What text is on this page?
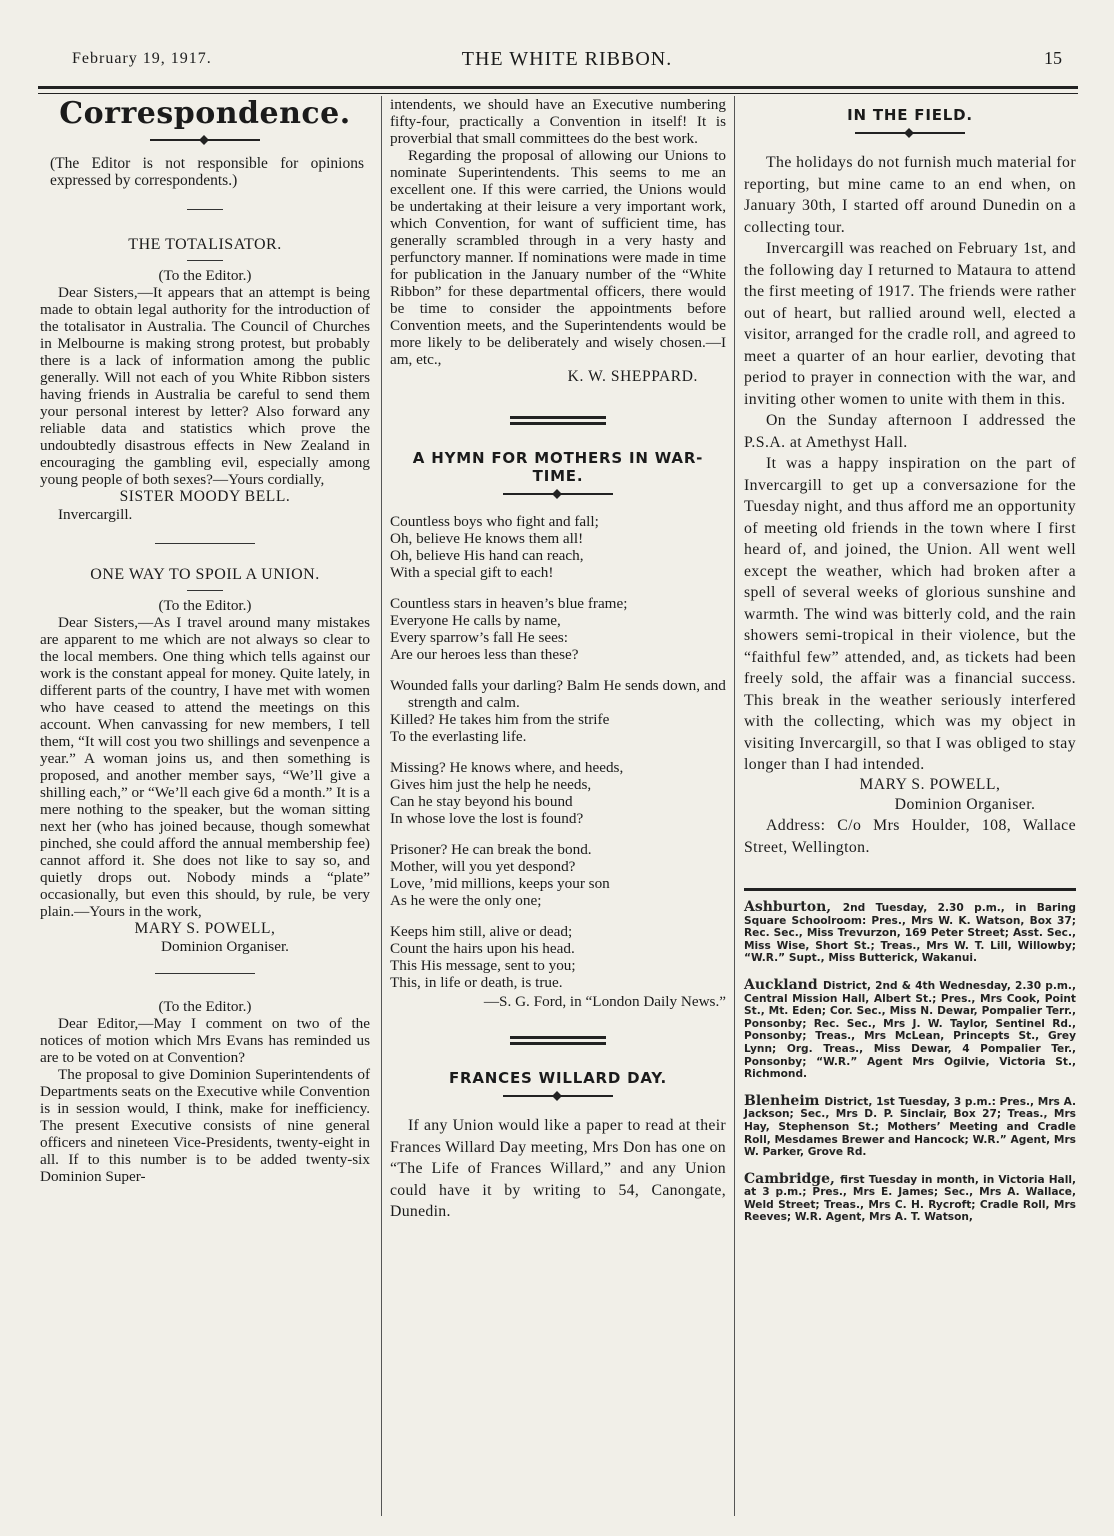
February 19, 1917.	THE WHITE RIBBON.	15
Correspondence.

(The Editor is not responsible for opinions expressed by correspondents.)

THE TOTALISATOR.
(To the Editor.)

Dear Sisters,—It appears that an attempt is being made to obtain legal authority for the introduction of the totalisator in Australia. The Council of Churches in Melbourne is making strong protest, but probably there is a lack of information among the public generally. Will not each of you White Ribbon sisters having friends in Australia be careful to send them your personal interest by letter? Also forward any reliable data and statistics which prove the undoubtedly disastrous effects in New Zealand in encouraging the gambling evil, especially among young people of both sexes?—Yours cordially,

SISTER MOODY BELL.

Invercargill.

ONE WAY TO SPOIL A UNION.
(To the Editor.)

Dear Sisters,—As I travel around many mistakes are apparent to me which are not always so clear to the local members. One thing which tells against our work is the constant appeal for money. Quite lately, in different parts of the country, I have met with women who have ceased to attend the meetings on this account. When canvassing for new members, I tell them, “It will cost you two shillings and sevenpence a year.” A woman joins us, and then something is proposed, and another member says, “We’ll give a shilling each,” or “We’ll each give 6d a month.” It is a mere nothing to the speaker, but the woman sitting next her (who has joined because, though somewhat pinched, she could afford the annual membership fee) cannot afford it. She does not like to say so, and quietly drops out. Nobody minds a “plate” occasionally, but even this should, by rule, be very plain.—Yours in the work,

MARY S. POWELL,
Dominion Organiser.
(To the Editor.)

Dear Editor,—May I comment on two of the notices of motion which Mrs Evans has reminded us are to be voted on at Convention?

The proposal to give Dominion Superintendents of Departments seats on the Executive while Convention is in session would, I think, make for inefficiency. The present Executive consists of nine general officers and nineteen Vice-Presidents, twenty-eight in all. If to this number is to be added twenty-six Dominion Super-

intendents, we should have an Executive numbering fifty-four, practically a Convention in itself! It is proverbial that small committees do the best work.

Regarding the proposal of allowing our Unions to nominate Superintendents. This seems to me an excellent one. If this were carried, the Unions would be undertaking at their leisure a very important work, which Convention, for want of sufficient time, has generally scrambled through in a very hasty and perfunctory manner. If nominations were made in time for publication in the January number of the “White Ribbon” for these departmental officers, there would be time to consider the appointments before Convention meets, and the Superintendents would be more likely to be deliberately and wisely chosen.—I am, etc.,

K. W. SHEPPARD.
A HYMN FOR MOTHERS IN WAR-TIME.
Countless boys who fight and fall;
Oh, believe He knows them all!
Oh, believe His hand can reach,
With a special gift to each!
Countless stars in heaven’s blue frame;
Everyone He calls by name,
Every sparrow’s fall He sees:
Are our heroes less than these?
Wounded falls your darling? Balm He sends down, and strength and calm.
Killed? He takes him from the strife
To the everlasting life.
Missing? He knows where, and heeds,
Gives him just the help he needs,
Can he stay beyond his bound
In whose love the lost is found?
Prisoner? He can break the bond.
Mother, will you yet despond?
Love, ’mid millions, keeps your son
As he were the only one;
Keeps him still, alive or dead;
Count the hairs upon his head.
This His message, sent to you;
This, in life or death, is true.
—S. G. Ford, in “London Daily News.”
FRANCES WILLARD DAY.

If any Union would like a paper to read at their Frances Willard Day meeting, Mrs Don has one on “The Life of Frances Willard,” and any Union could have it by writing to 54, Canongate, Dunedin.

IN THE FIELD.

The holidays do not furnish much material for reporting, but mine came to an end when, on January 30th, I started off around Dunedin on a collecting tour.

Invercargill was reached on February 1st, and the following day I returned to Mataura to attend the first meeting of 1917. The friends were rather out of heart, but rallied around well, elected a visitor, arranged for the cradle roll, and agreed to meet a quarter of an hour earlier, devoting that period to prayer in connection with the war, and inviting other women to unite with them in this.

On the Sunday afternoon I addressed the P.S.A. at Amethyst Hall.

It was a happy inspiration on the part of Invercargill to get up a conversazione for the Tuesday night, and thus afford me an opportunity of meeting old friends in the town where I first heard of, and joined, the Union. All went well except the weather, which had broken after a spell of several weeks of glorious sunshine and warmth. The wind was bitterly cold, and the rain showers semi-tropical in their violence, but the “faithful few” attended, and, as tickets had been freely sold, the affair was a financial success. This break in the weather seriously interfered with the collecting, which was my object in visiting Invercargill, so that I was obliged to stay longer than I had intended.

MARY S. POWELL,
Dominion Organiser.

Address: C/o Mrs Houlder, 108, Wallace Street, Wellington.

Ashburton, 2nd Tuesday, 2.30 p.m., in Baring Square Schoolroom: Pres., Mrs W. K. Watson, Box 37; Rec. Sec., Miss Trevurzon, 169 Peter Street; Asst. Sec., Miss Wise, Short St.; Treas., Mrs W. T. Lill, Willowby; “W.R.” Supt., Miss Butterick, Wakanui.
Auckland District, 2nd & 4th Wednesday, 2.30 p.m., Central Mission Hall, Albert St.; Pres., Mrs Cook, Point St., Mt. Eden; Cor. Sec., Miss N. Dewar, Pompalier Terr., Ponsonby; Rec. Sec., Mrs J. W. Taylor, Sentinel Rd., Ponsonby; Treas., Mrs McLean, Princepts St., Grey Lynn; Org. Treas., Miss Dewar, 4 Pompalier Ter., Ponsonby; “W.R.” Agent Mrs Ogilvie, Victoria St., Richmond.
Blenheim District, 1st Tuesday, 3 p.m.: Pres., Mrs A. Jackson; Sec., Mrs D. P. Sinclair, Box 27; Treas., Mrs Hay, Stephenson St.; Mothers’ Meeting and Cradle Roll, Mesdames Brewer and Hancock; W.R.” Agent, Mrs W. Parker, Grove Rd.
Cambridge, first Tuesday in month, in Victoria Hall, at 3 p.m.; Pres., Mrs E. James; Sec., Mrs A. Wallace, Weld Street; Treas., Mrs C. H. Rycroft; Cradle Roll, Mrs Reeves; W.R. Agent, Mrs A. T. Watson,
